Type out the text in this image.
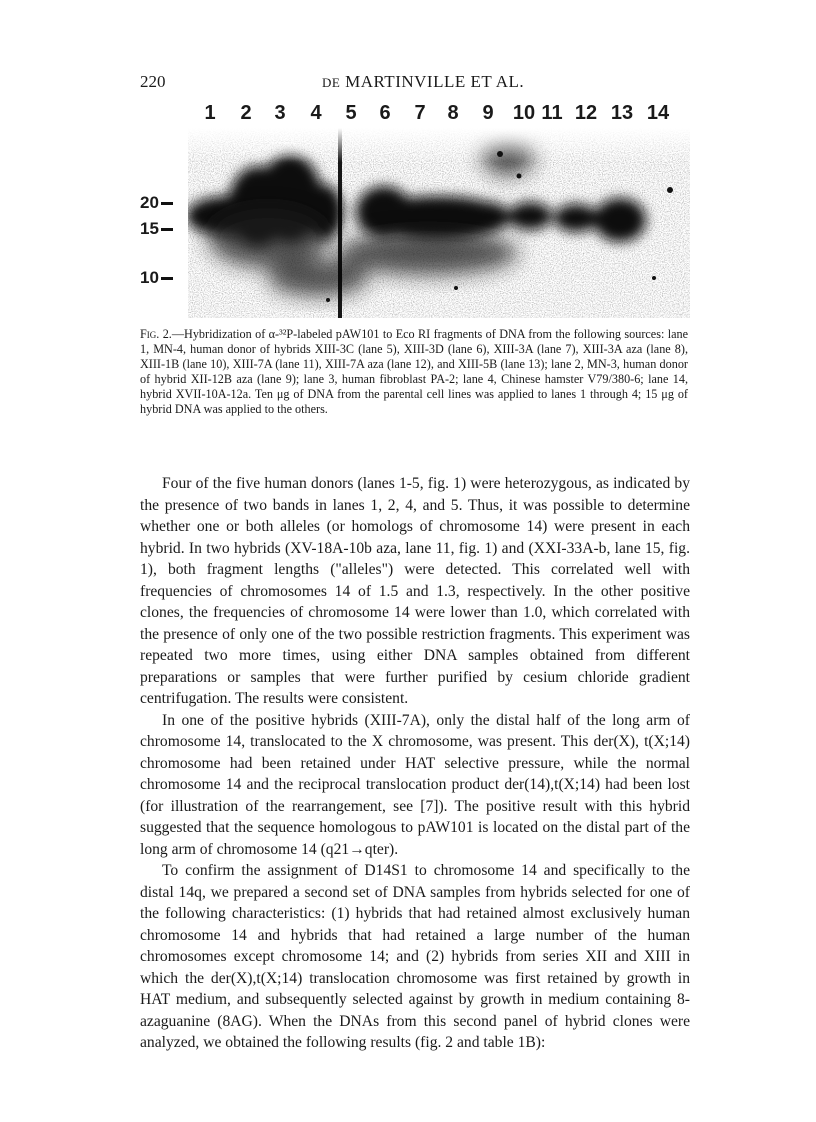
220	DE MARTINVILLE ET AL.
1 2 3 4 5 6 7 8 9 10 11 12 13 14
20
15
10
Fig. 2.—Hybridization of α-³²P-labeled pAW101 to Eco RI fragments of DNA from the following sources: lane 1, MN-4, human donor of hybrids XIII-3C (lane 5), XIII-3D (lane 6), XIII-3A (lane 7), XIII-3A aza (lane 8), XIII-1B (lane 10), XIII-7A (lane 11), XIII-7A aza (lane 12), and XIII-5B (lane 13); lane 2, MN-3, human donor of hybrid XII-12B aza (lane 9); lane 3, human fibroblast PA-2; lane 4, Chinese hamster V79/380-6; lane 14, hybrid XVII-10A-12a. Ten μg of DNA from the parental cell lines was applied to lanes 1 through 4; 15 μg of hybrid DNA was applied to the others.

Four of the five human donors (lanes 1-5, fig. 1) were heterozygous, as indicated by the presence of two bands in lanes 1, 2, 4, and 5. Thus, it was possible to determine whether one or both alleles (or homologs of chromosome 14) were present in each hybrid. In two hybrids (XV-18A-10b aza, lane 11, fig. 1) and (XXI-33A-b, lane 15, fig. 1), both fragment lengths ("alleles") were detected. This correlated well with frequencies of chromosomes 14 of 1.5 and 1.3, respectively. In the other positive clones, the frequencies of chromosome 14 were lower than 1.0, which correlated with the presence of only one of the two possible restriction fragments. This experiment was repeated two more times, using either DNA samples obtained from different preparations or samples that were further purified by cesium chloride gradient centrifugation. The results were consistent.

In one of the positive hybrids (XIII-7A), only the distal half of the long arm of chromosome 14, translocated to the X chromosome, was present. This der(X), t(X;14) chromosome had been retained under HAT selective pressure, while the normal chromosome 14 and the reciprocal translocation product der(14),t(X;14) had been lost (for illustration of the rearrangement, see [7]). The positive result with this hybrid suggested that the sequence homologous to pAW101 is located on the distal part of the long arm of chromosome 14 (q21→qter).

To confirm the assignment of D14S1 to chromosome 14 and specifically to the distal 14q, we prepared a second set of DNA samples from hybrids selected for one of the following characteristics: (1) hybrids that had retained almost exclusively human chromosome 14 and hybrids that had retained a large number of the human chromosomes except chromosome 14; and (2) hybrids from series XII and XIII in which the der(X),t(X;14) translocation chromosome was first retained by growth in HAT medium, and subsequently selected against by growth in medium containing 8-azaguanine (8AG). When the DNAs from this second panel of hybrid clones were analyzed, we obtained the following results (fig. 2 and table 1B):
